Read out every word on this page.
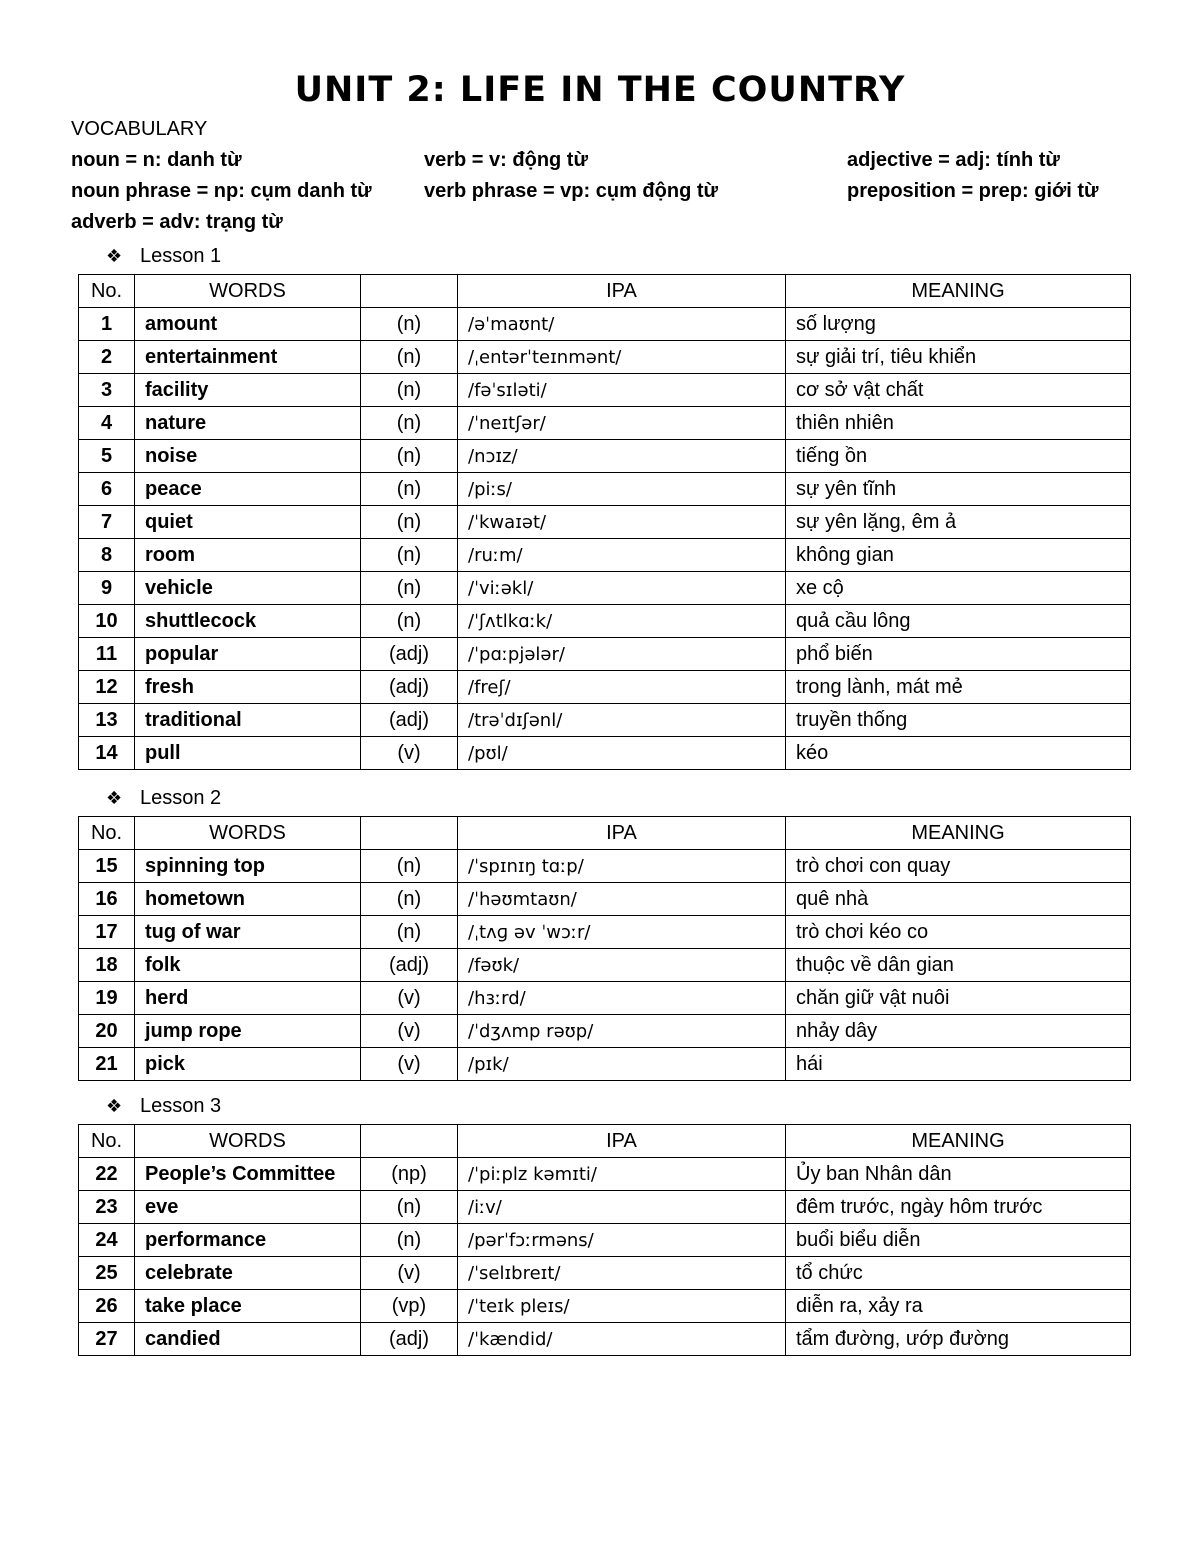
UNIT 2: LIFE IN THE COUNTRY
VOCABULARY
noun = n: danh từ	verb = v: động từ	adjective = adj: tính từ
noun phrase = np: cụm danh từ	verb phrase = vp: cụm động từ	preposition = prep: giới từ
adverb = adv: trạng từ
❖ Lesson 1
No.	WORDS		IPA	MEANING
1	amount	(n)	/əˈmaʊnt/	số lượng
2	entertainment	(n)	/ˌentərˈteɪnmənt/	sự giải trí, tiêu khiển
3	facility	(n)	/fəˈsɪləti/	cơ sở vật chất
4	nature	(n)	/ˈneɪtʃər/	thiên nhiên
5	noise	(n)	/nɔɪz/	tiếng ồn
6	peace	(n)	/piːs/	sự yên tĩnh
7	quiet	(n)	/ˈkwaɪət/	sự yên lặng, êm ả
8	room	(n)	/ruːm/	không gian
9	vehicle	(n)	/ˈviːəkl/	xe cộ
10	shuttlecock	(n)	/ˈʃʌtlkɑːk/	quả cầu lông
11	popular	(adj)	/ˈpɑːpjələr/	phổ biến
12	fresh	(adj)	/freʃ/	trong lành, mát mẻ
13	traditional	(adj)	/trəˈdɪʃənl/	truyền thống
14	pull	(v)	/pʊl/	kéo
❖ Lesson 2
No.	WORDS		IPA	MEANING
15	spinning top	(n)	/ˈspɪnɪŋ tɑːp/	trò chơi con quay
16	hometown	(n)	/ˈhəʊmtaʊn/	quê nhà
17	tug of war	(n)	/ˌtʌɡ əv ˈwɔːr/	trò chơi kéo co
18	folk	(adj)	/fəʊk/	thuộc về dân gian
19	herd	(v)	/hɜːrd/	chăn giữ vật nuôi
20	jump rope	(v)	/ˈdʒʌmp rəʊp/	nhảy dây
21	pick	(v)	/pɪk/	hái
❖ Lesson 3
No.	WORDS		IPA	MEANING
22	People’s Committee	(np)	/ˈpiːplz kəmɪti/	Ủy ban Nhân dân
23	eve	(n)	/iːv/	đêm trước, ngày hôm trước
24	performance	(n)	/pərˈfɔːrməns/	buổi biểu diễn
25	celebrate	(v)	/ˈselɪbreɪt/	tổ chức
26	take place	(vp)	/ˈteɪk pleɪs/	diễn ra, xảy ra
27	candied	(adj)	/ˈkændid/	tẩm đường, ướp đường
